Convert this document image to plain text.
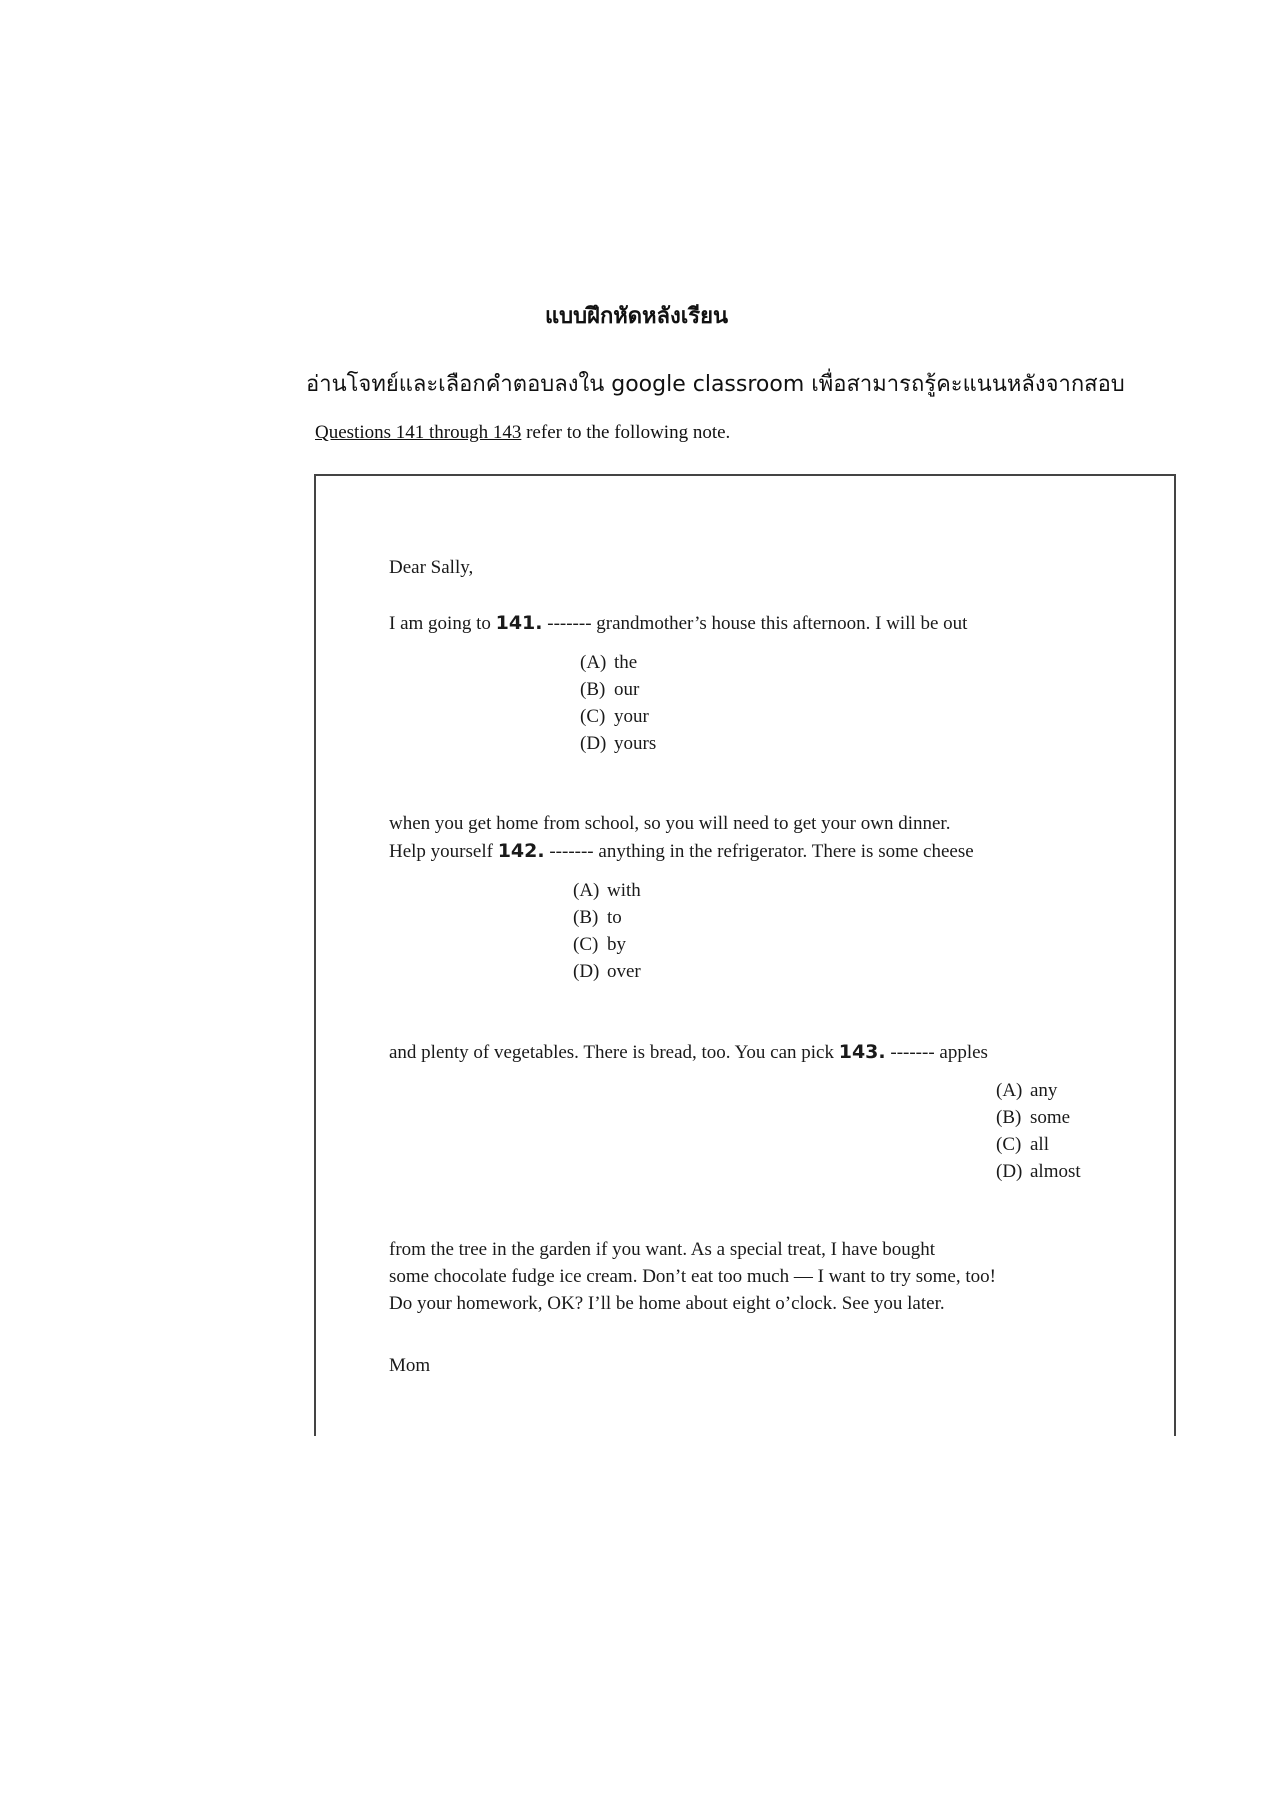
แบบฝึกหัดหลังเรียน
อ่านโจทย์และเลือกคำตอบลงใน google classroom เพื่อสามารถรู้คะแนนหลังจากสอบ
Questions 141 through 143 refer to the following note.
Dear Sally,
I am going to 141. ------- grandmother’s house this afternoon. I will be out
(A) the
(B) our
(C) your
(D) yours
when you get home from school, so you will need to get your own dinner.
Help yourself 142. ------- anything in the refrigerator. There is some cheese
(A) with
(B) to
(C) by
(D) over
and plenty of vegetables. There is bread, too. You can pick 143. ------- apples
(A) any
(B) some
(C) all
(D) almost
from the tree in the garden if you want. As a special treat, I have bought
some chocolate fudge ice cream. Don’t eat too much — I want to try some, too!
Do your homework, OK? I’ll be home about eight o’clock. See you later.
Mom
